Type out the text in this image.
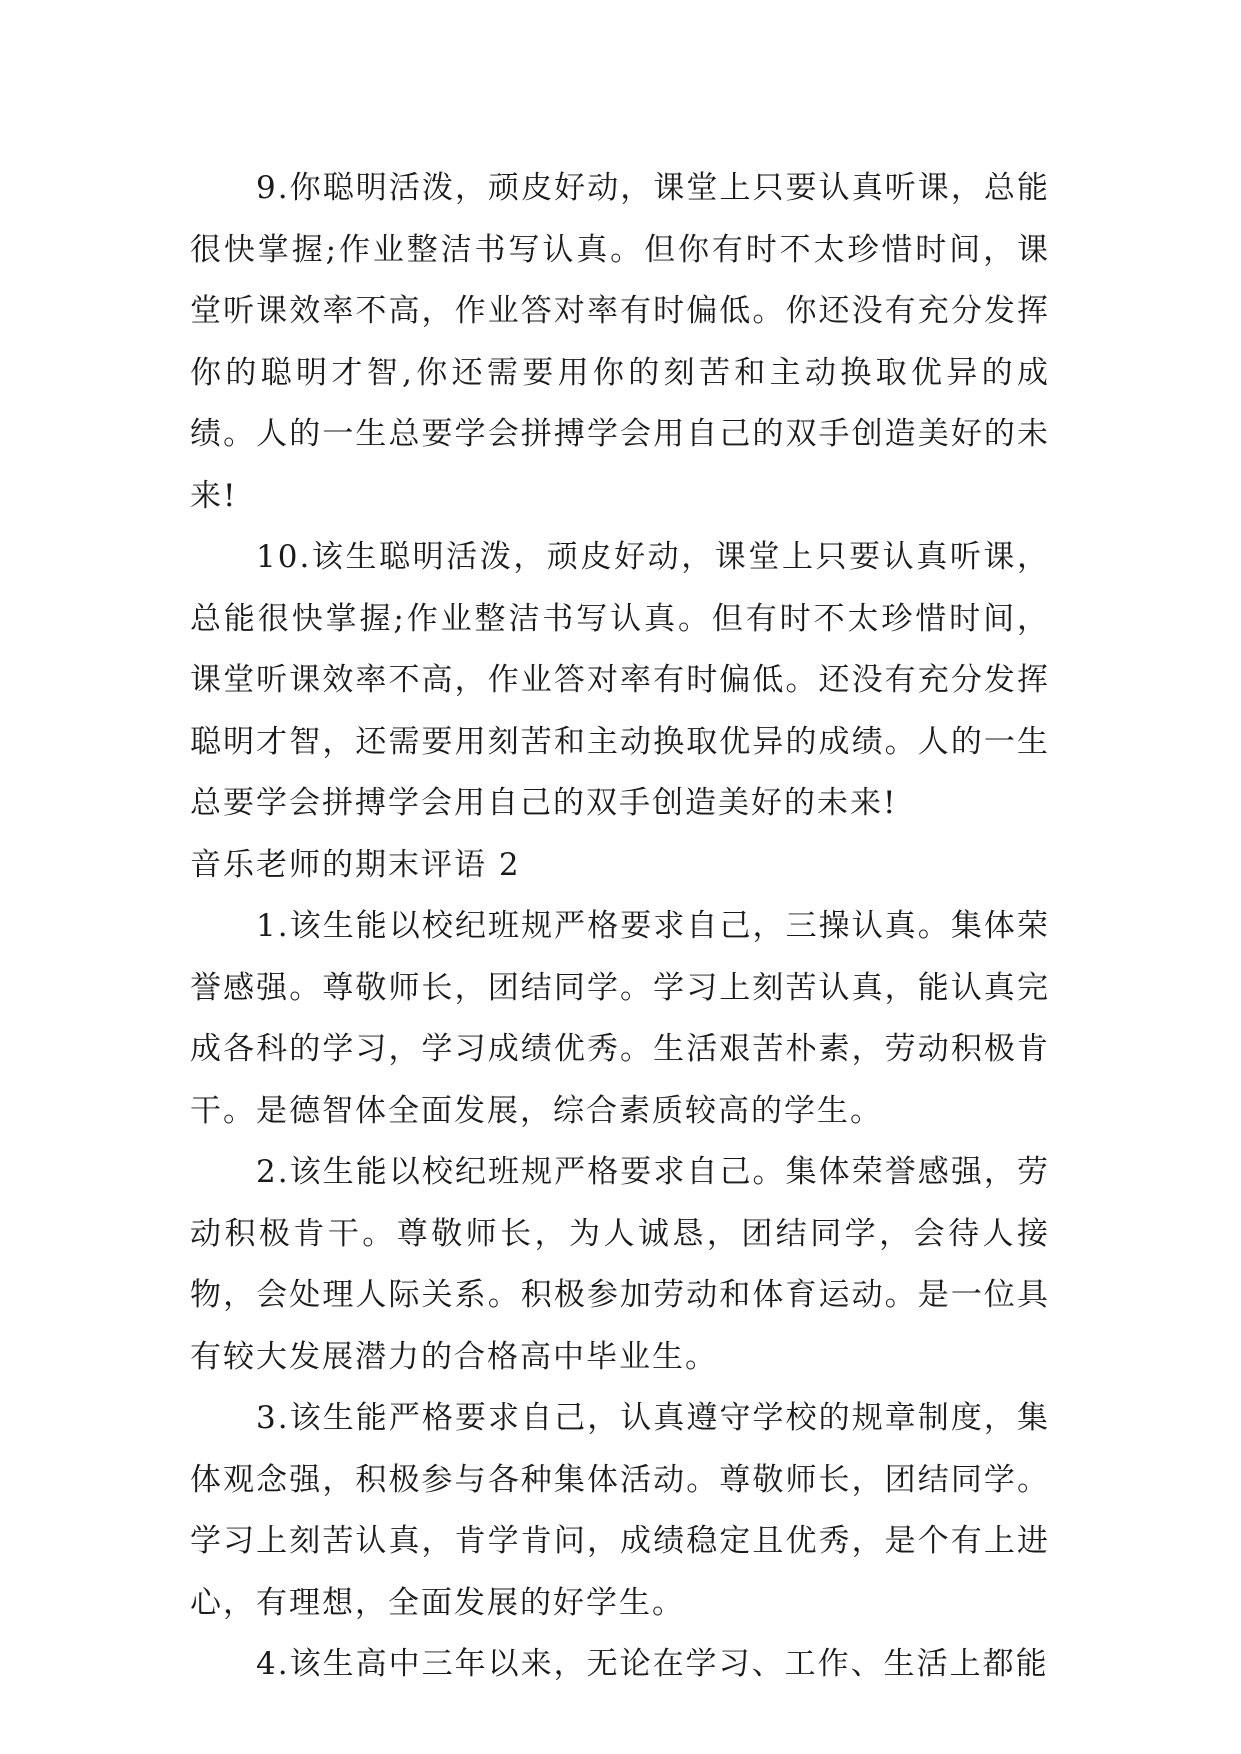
9.你聪明活泼，顽皮好动，课堂上只要认真听课，总能很快掌握;作业整洁书写认真。但你有时不太珍惜时间，课堂听课效率不高，作业答对率有时偏低。你还没有充分发挥你的聪明才智,你还需要用你的刻苦和主动换取优异的成绩。人的一生总要学会拼搏学会用自己的双手创造美好的未来!

10.该生聪明活泼，顽皮好动，课堂上只要认真听课，总能很快掌握;作业整洁书写认真。但有时不太珍惜时间，课堂听课效率不高，作业答对率有时偏低。还没有充分发挥聪明才智，还需要用刻苦和主动换取优异的成绩。人的一生总要学会拼搏学会用自己的双手创造美好的未来!

音乐老师的期末评语 2

1.该生能以校纪班规严格要求自己，三操认真。集体荣誉感强。尊敬师长，团结同学。学习上刻苦认真，能认真完成各科的学习，学习成绩优秀。生活艰苦朴素，劳动积极肯干。是德智体全面发展，综合素质较高的学生。

2.该生能以校纪班规严格要求自己。集体荣誉感强，劳动积极肯干。尊敬师长，为人诚恳，团结同学，会待人接物，会处理人际关系。积极参加劳动和体育运动。是一位具有较大发展潜力的合格高中毕业生。

3.该生能严格要求自己，认真遵守学校的规章制度，集体观念强，积极参与各种集体活动。尊敬师长，团结同学。学习上刻苦认真，肯学肯问，成绩稳定且优秀，是个有上进心，有理想，全面发展的好学生。

4.该生高中三年以来，无论在学习、工作、生活上都能
